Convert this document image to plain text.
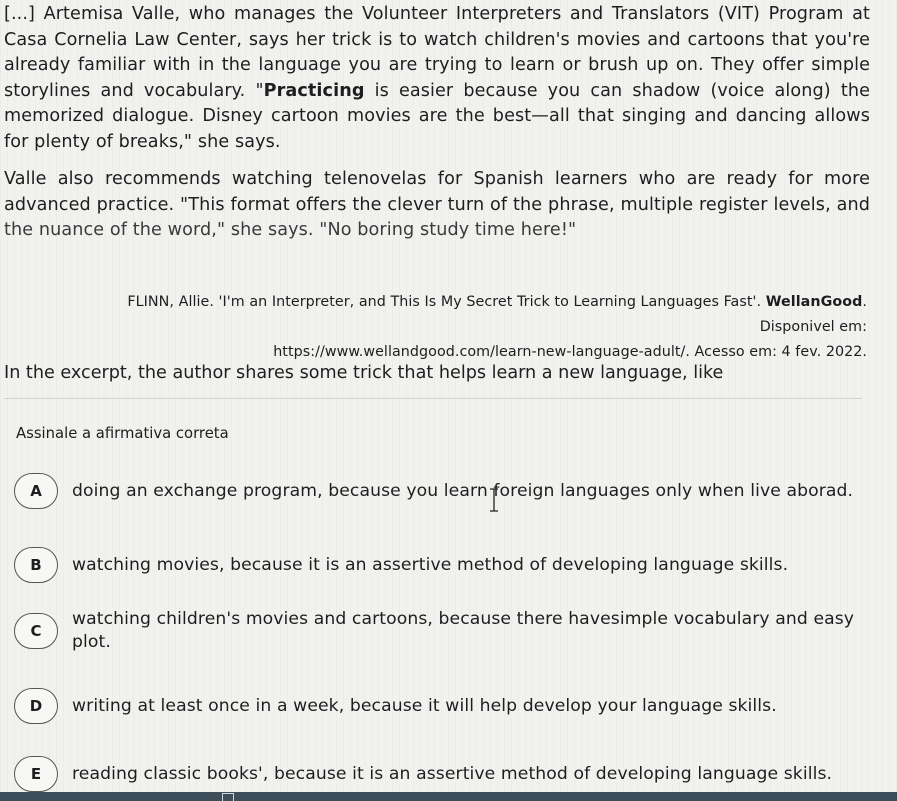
[...] Artemisa Valle, who manages the Volunteer Interpreters and Translators (VIT) Program at Casa Cornelia Law Center, says her trick is to watch children's movies and cartoons that you're already familiar with in the language you are trying to learn or brush up on. They offer simple storylines and vocabulary. "Practicing is easier because you can shadow (voice along) the memorized dialogue. Disney cartoon movies are the best—all that singing and dancing allows for plenty of breaks," she says.

Valle also recommends watching telenovelas for Spanish learners who are ready for more advanced practice. "This format offers the clever turn of the phrase, multiple register levels, and the nuance of the word," she says. "No boring study time here!"

FLINN, Allie. 'I'm an Interpreter, and This Is My Secret Trick to Learning Languages Fast'. WellanGood. Disponivel em:
https://www.wellandgood.com/learn-new-language-adult/. Acesso em: 4 fev. 2022.
In the excerpt, the author shares some trick that helps learn a new language, like
Assinale a afirmativa correta
A	doing an exchange program, because you learn foreign languages only when live aborad.
B	watching movies, because it is an assertive method of developing language skills.
C
watching children's movies and cartoons, because there havesimple vocabulary and easy plot.
D	writing at least once in a week, because it will help develop your language skills.
E	reading classic books', because it is an assertive method of developing language skills.
